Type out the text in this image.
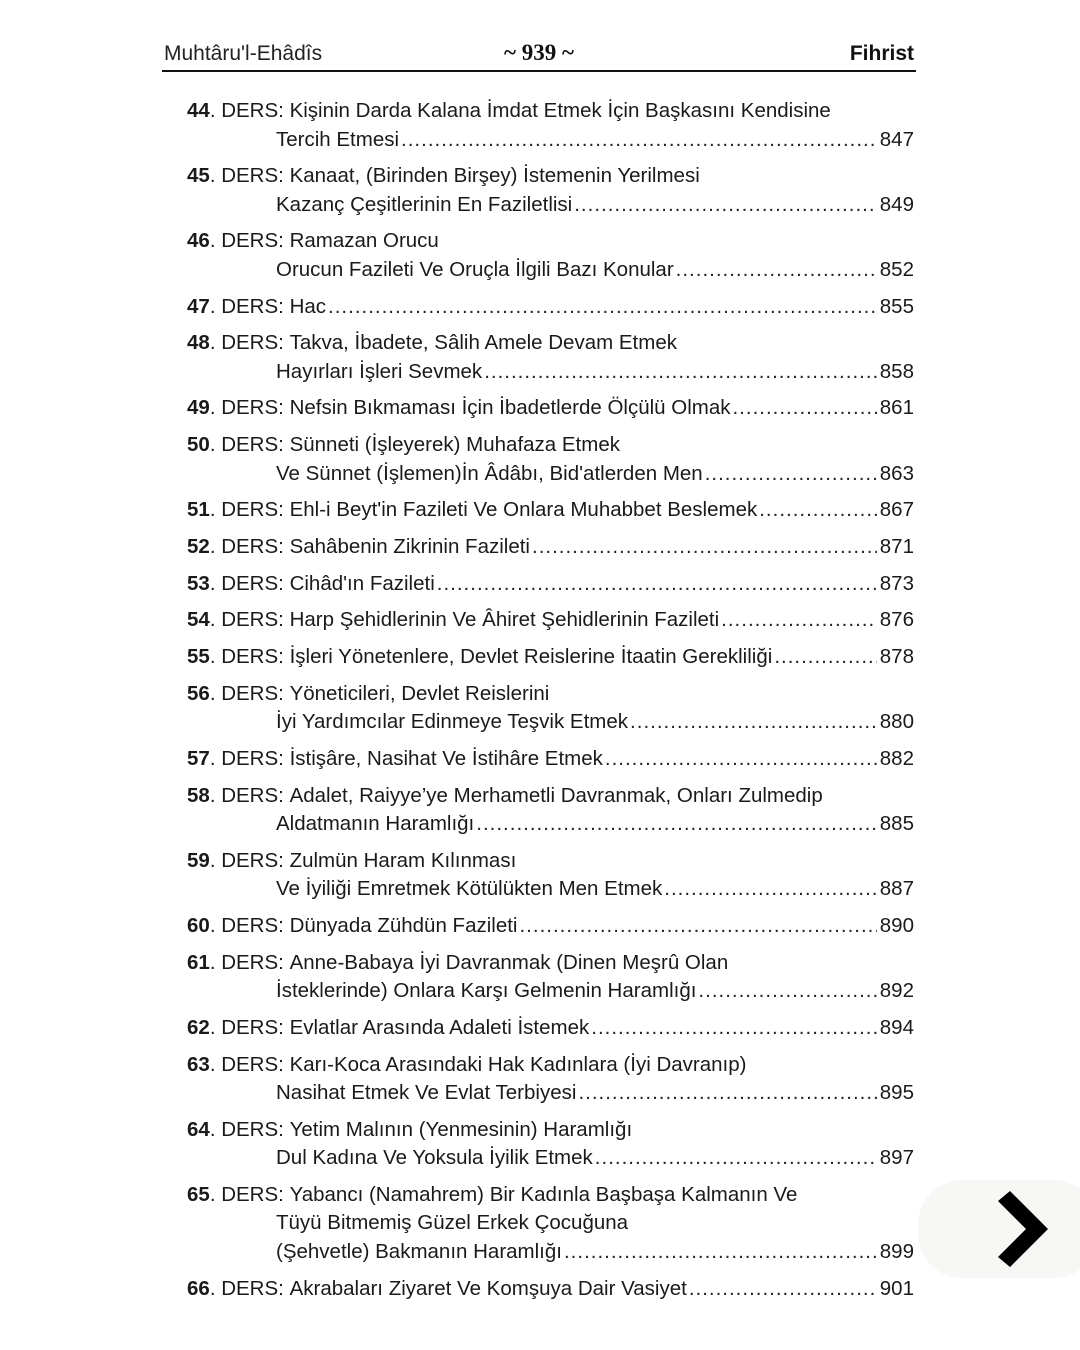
Muhtâru'l-Ehâdîs	~ 939 ~	Fihrist
44 . DERS: Kişinin Darda Kalana İmdat Etmek İçin Başkasını Kendisine
Tercih Etmesi .....	847
45 . DERS: Kanaat, (Birinden Birşey) İstemenin Yerilmesi
Kazanç Çeşitlerinin En Faziletlisi .....	849
46 . DERS: Ramazan Orucu
Orucun Fazileti Ve Oruçla İlgili Bazı Konular .....	852
47 . DERS: Hac .....	855
48 . DERS: Takva, İbadete, Sâlih Amele Devam Etmek
Hayırları İşleri Sevmek .....	858
49 . DERS: Nefsin Bıkmaması İçin İbadetlerde Ölçülü Olmak .....	861
50 . DERS: Sünneti (İşleyerek) Muhafaza Etmek
Ve Sünnet (İşlemen)İn Âdâbı, Bid'atlerden Men .....	863
51 . DERS: Ehl-i Beyt'in Fazileti Ve Onlara Muhabbet Beslemek .....	867
52 . DERS: Sahâbenin Zikrinin Fazileti .....	871
53 . DERS: Cihâd'ın Fazileti .....	873
54 . DERS: Harp Şehidlerinin Ve Âhiret Şehidlerinin Fazileti .....	876
55 . DERS: İşleri Yönetenlere, Devlet Reislerine İtaatin Gerekliliği .....	878
56 . DERS: Yöneticileri, Devlet Reislerini
İyi Yardımcılar Edinmeye Teşvik Etmek .....	880
57 . DERS: İstişâre, Nasihat Ve İstihâre Etmek .....	882
58 . DERS: Adalet, Raiyye’ye Merhametli Davranmak, Onları Zulmedip
Aldatmanın Haramlığı .....	885
59 . DERS: Zulmün Haram Kılınması
Ve İyiliği Emretmek Kötülükten Men Etmek .....	887
60 . DERS: Dünyada Zühdün Fazileti .....	890
61 . DERS: Anne-Babaya İyi Davranmak (Dinen Meşrû Olan
İsteklerinde) Onlara Karşı Gelmenin Haramlığı .....	892
62 . DERS: Evlatlar Arasında Adaleti İstemek .....	894
63 . DERS: Karı-Koca Arasındaki Hak Kadınlara (İyi Davranıp)
Nasihat Etmek Ve Evlat Terbiyesi .....	895
64 . DERS: Yetim Malının (Yenmesinin) Haramlığı
Dul Kadına Ve Yoksula İyilik Etmek .....	897
65 . DERS: Yabancı (Namahrem) Bir Kadınla Başbaşa Kalmanın Ve
Tüyü Bitmemiş Güzel Erkek Çocuğuna
(Şehvetle) Bakmanın Haramlığı .....	899
66 . DERS: Akrabaları Ziyaret Ve Komşuya Dair Vasiyet .....	901
